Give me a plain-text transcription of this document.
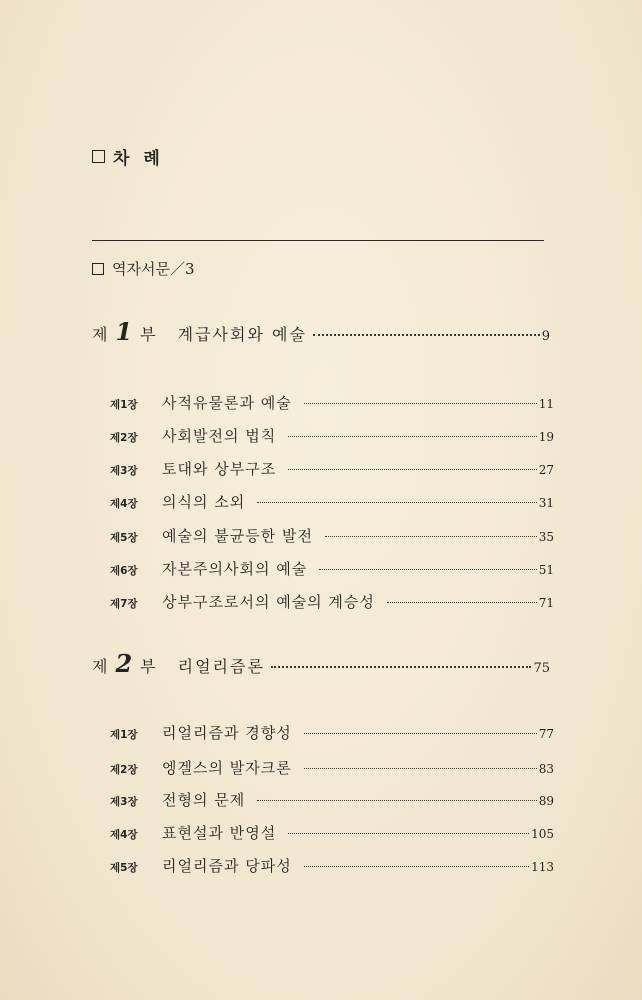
차 례
역자서문／3
제 1 부 계급사회와 예술	9
제1장	사적유물론과 예술	11
제2장	사회발전의 법칙	19
제3장	토대와 상부구조	27
제4장	의식의 소외	31
제5장	예술의 불균등한 발전	35
제6장	자본주의사회의 예술	51
제7장	상부구조로서의 예술의 계승성	71
제 2 부 리얼리즘론	75
제1장	리얼리즘과 경향성	77
제2장	엥겔스의 발자크론	83
제3장	전형의 문제	89
제4장	표현설과 반영설	105
제5장	리얼리즘과 당파성	113
